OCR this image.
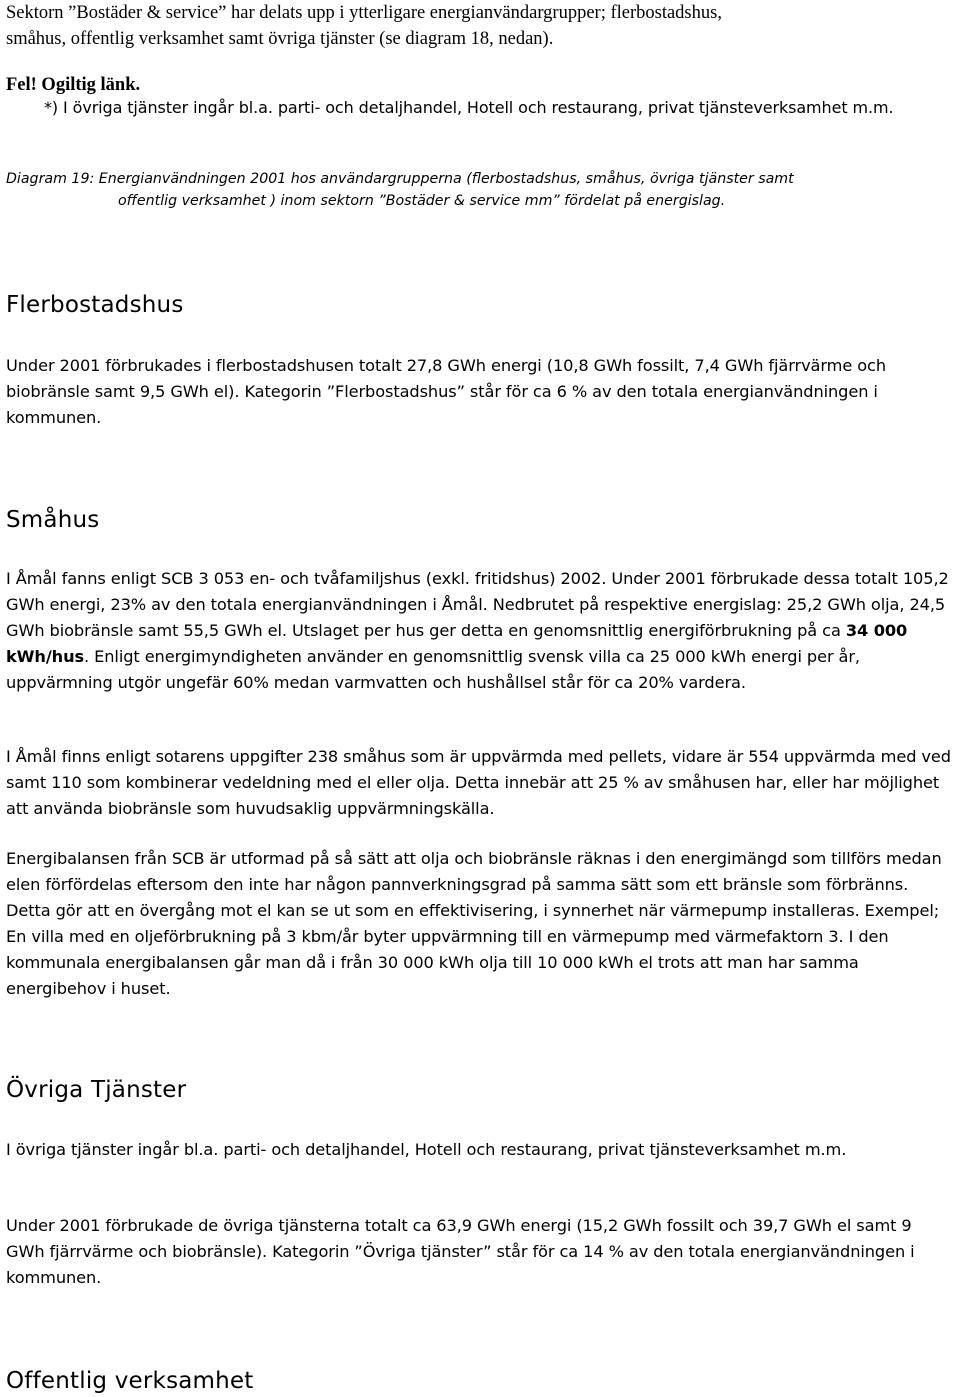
Sektorn ”Bostäder & service” har delats upp i ytterligare energianvändargrupper; flerbostadshus,
småhus, offentlig verksamhet samt övriga tjänster (se diagram 18, nedan).

Fel! Ogiltig länk.

*) I övriga tjänster ingår bl.a. parti- och detaljhandel, Hotell och restaurang, privat tjänsteverksamhet m.m.

Diagram 19: Energianvändningen 2001 hos användargrupperna (flerbostadshus, småhus, övriga tjänster samt
offentlig verksamhet ) inom sektorn ”Bostäder & service mm” fördelat på energislag.

Flerbostadshus

Under 2001 förbrukades i flerbostadshusen totalt 27,8 GWh energi (10,8 GWh fossilt, 7,4 GWh fjärrvärme och biobränsle samt 9,5 GWh el). Kategorin ”Flerbostadshus” står för ca 6 % av den totala energianvändningen i kommunen.

Småhus

I Åmål fanns enligt SCB 3 053 en- och tvåfamiljshus (exkl. fritidshus) 2002. Under 2001 förbrukade dessa totalt 105,2 GWh energi, 23% av den totala energianvändningen i Åmål. Nedbrutet på respektive energislag: 25,2 GWh olja, 24,5 GWh biobränsle samt 55,5 GWh el. Utslaget per hus ger detta en genomsnittlig energiförbrukning på ca 34 000 kWh/hus. Enligt energimyndigheten använder en genomsnittlig svensk villa ca 25 000 kWh energi per år, uppvärmning utgör ungefär 60% medan varmvatten och hushållsel står för ca 20% vardera.

I Åmål finns enligt sotarens uppgifter 238 småhus som är uppvärmda med pellets, vidare är 554 uppvärmda med ved samt 110 som kombinerar vedeldning med el eller olja. Detta innebär att 25 % av småhusen har, eller har möjlighet att använda biobränsle som huvudsaklig uppvärmningskälla.

Energibalansen från SCB är utformad på så sätt att olja och biobränsle räknas i den energimängd som tillförs medan elen förfördelas eftersom den inte har någon pannverkningsgrad på samma sätt som ett bränsle som förbränns. Detta gör att en övergång mot el kan se ut som en effektivisering, i synnerhet när värmepump installeras. Exempel; En villa med en oljeförbrukning på 3 kbm/år byter uppvärmning till en värmepump med värmefaktorn 3. I den kommunala energibalansen går man då i från 30 000 kWh olja till 10 000 kWh el trots att man har samma energibehov i huset.

Övriga Tjänster

I övriga tjänster ingår bl.a. parti- och detaljhandel, Hotell och restaurang, privat tjänsteverksamhet m.m.

Under 2001 förbrukade de övriga tjänsterna totalt ca 63,9 GWh energi (15,2 GWh fossilt och 39,7 GWh el samt 9 GWh fjärrvärme och biobränsle). Kategorin ”Övriga tjänster” står för ca 14 % av den totala energianvändningen i kommunen.

Offentlig verksamhet
